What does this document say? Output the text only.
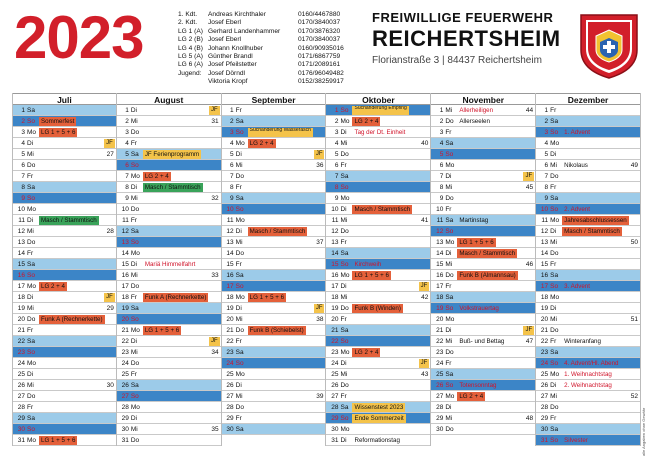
2023	1. Kdt.	Andreas Kirchthaler	0160/4467880
2. Kdt.	Josef Eberl	0170/3840037
LG 1 (A) Gerhard Landenhammer	0170/3876320
LG 2 (B) Josef Eberl	0170/3840037
LG 4 (B) Johann Knollhuber	0160/90935016
LG 5 (A) Günther Brandl	0171/6867759
LG 6 (A) Josef Pfeilstetter	0171/2089161
Jugend: Josef Dörndl	0176/96049482
Viktoria Kropf	0152/38259917
FREIWILLIGE FEUERWEHR
REICHERTSHEIM
Florianstraße 3 | 84437 Reichertsheim
Juli
1 Sa
2 So Sommerfest
3 Mo LG 1 + 5 + 6
4 Di	JF
5 Mi	27
6 Do
7 Fr
8 Sa
9 So
10 Mo
11 Di	Masch / Stammtisch
12 Mi	28
13 Do
14 Fr
15 Sa
16 So
17 Mo LG 2 + 4
18 Di	JF
19 Mi	29
20 Do Funk A (Rechnerkette)
21 Fr
22 Sa
23 So
24 Mo
25 Di
26 Mi	30
27 Do
28 Fr
29 Sa
30 So
31 Mo LG 1 + 5 + 6
August
1 Di	JF
2 Mi	31
3 Do
4 Fr
5 Sa JF Ferienprogramm
6 So
7 Mo LG 2 + 4
8 Di	Masch / Stammtisch
9 Mi	32
10 Do
11 Fr
12 Sa
13 So
14 Mo
15 Di	Mariä Himmelfahrt
16 Mi	33
17 Do
18 Fr	Funk A (Rechnerkette)
19 Sa
20 So
21 Mo LG 1 + 5 + 6
22 Di	JF
23 Mi	34
24 Do
25 Fr
26 Sa
27 So
28 Mo
29 Di
30 Mi	35
31 Do
September
1 Fr
2 Sa
3 So	Suchanderung Wasserasch
4 Mo LG 2 + 4
5 Di	JF
6 Mi	36
7 Do
8 Fr
9 Sa
10 So
11 Mo
12 Di	Masch / Stammtisch
13 Mi	37
14 Do
15 Fr
16 Sa
17 So
18 Mo LG 1 + 5 + 6
19 Di	JF
20 Mi	38
21 Do Funk B (Schiebelst)
22 Fr
23 Sa
24 So
25 Mo
26 Di
27 Mi	39
28 Do
29 Fr
30 Sa
Oktober
1 So	Suchanderung Empfing
2 Mo LG 2 + 4
3 Di	Tag der Dt. Einheit
4 Mi	40
5 Do
6 Fr
7 Sa
8 So
9 Mo
10 Di	Masch / Stammtisch
11 Mi	41
12 Do
13 Fr
14 Sa
15 So Kirchweih
16 Mo LG 1 + 5 + 6
17 Di	JF
18 Mi	42
19 Do Funk B (Winden)
20 Fr
21 Sa
22 So
23 Mo LG 2 + 4
24 Di	JF
25 Mi	43
26 Do
27 Fr
28 Sa Wissenstest 2023
29 So Ende Sommerzeit
30 Mo
31 Di	Reformationstag
November
1 Mi	Allerheiligen	44
2 Do Allerseelen
3 Fr
4 Sa
5 So
6 Mo
7 Di	JF
8 Mi	45
9 Do
10 Fr
11 Sa Martinstag
12 So
13 Mo LG 1 + 5 + 6
14 Di	Masch / Stammtisch
15 Mi	46
16 Do Funk B (Almannsau)
17 Fr
18 Sa
19 So Volkstrauertag
20 Mo
21 Di	JF
22 Mi	Buß- und Bettag	47
23 Do
24 Fr
25 Sa
26 So Totensonntag
27 Mo LG 2 + 4
28 Di
29 Mi	48
30 Do
Dezember
1 Fr
2 Sa
3 So 1. Advent
4 Mo
5 Di
6 Mi	Nikolaus	49
7 Do
8 Fr
9 Sa
10 So 2. Advent
11 Mo Jahresabschlussessen
12 Di	Masch / Stammtisch
13 Mi	50
14 Do
15 Fr
16 Sa
17 So 3. Advent
18 Mo
19 Di
20 Mi	51
21 Do
22 Fr	Winteranfang
23 Sa
24 So 4. Advent/Hl. Abend
25 Mo 1. Weihnachtstag
26 Di	2. Weihnachtstag
27 Mi	52
28 Do
29 Fr
30 Sa
31 So Silvester	alle Angaben ohne Gewähr
